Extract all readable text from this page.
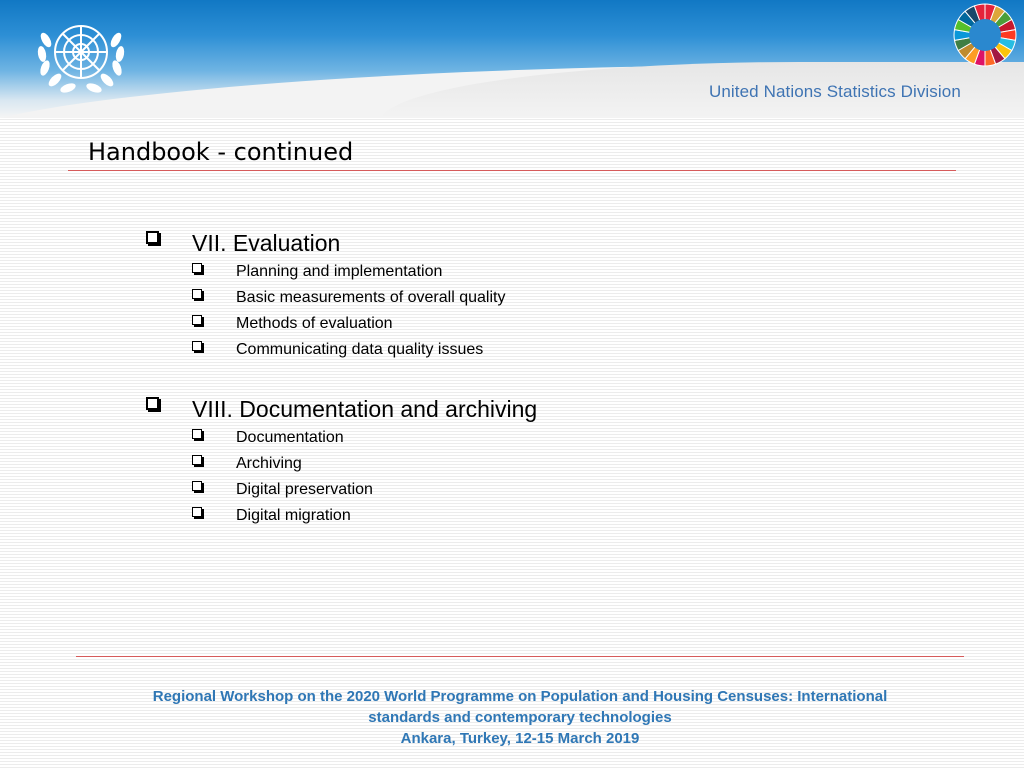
United Nations Statistics Division
Handbook - continued
VII. Evaluation
Planning and implementation
Basic measurements of overall quality
Methods of evaluation
Communicating data quality issues
VIII. Documentation and archiving
Documentation
Archiving
Digital preservation
Digital migration
Regional Workshop on the 2020 World Programme on Population and Housing Censuses: International
standards and contemporary technologies
Ankara, Turkey, 12-15 March 2019
